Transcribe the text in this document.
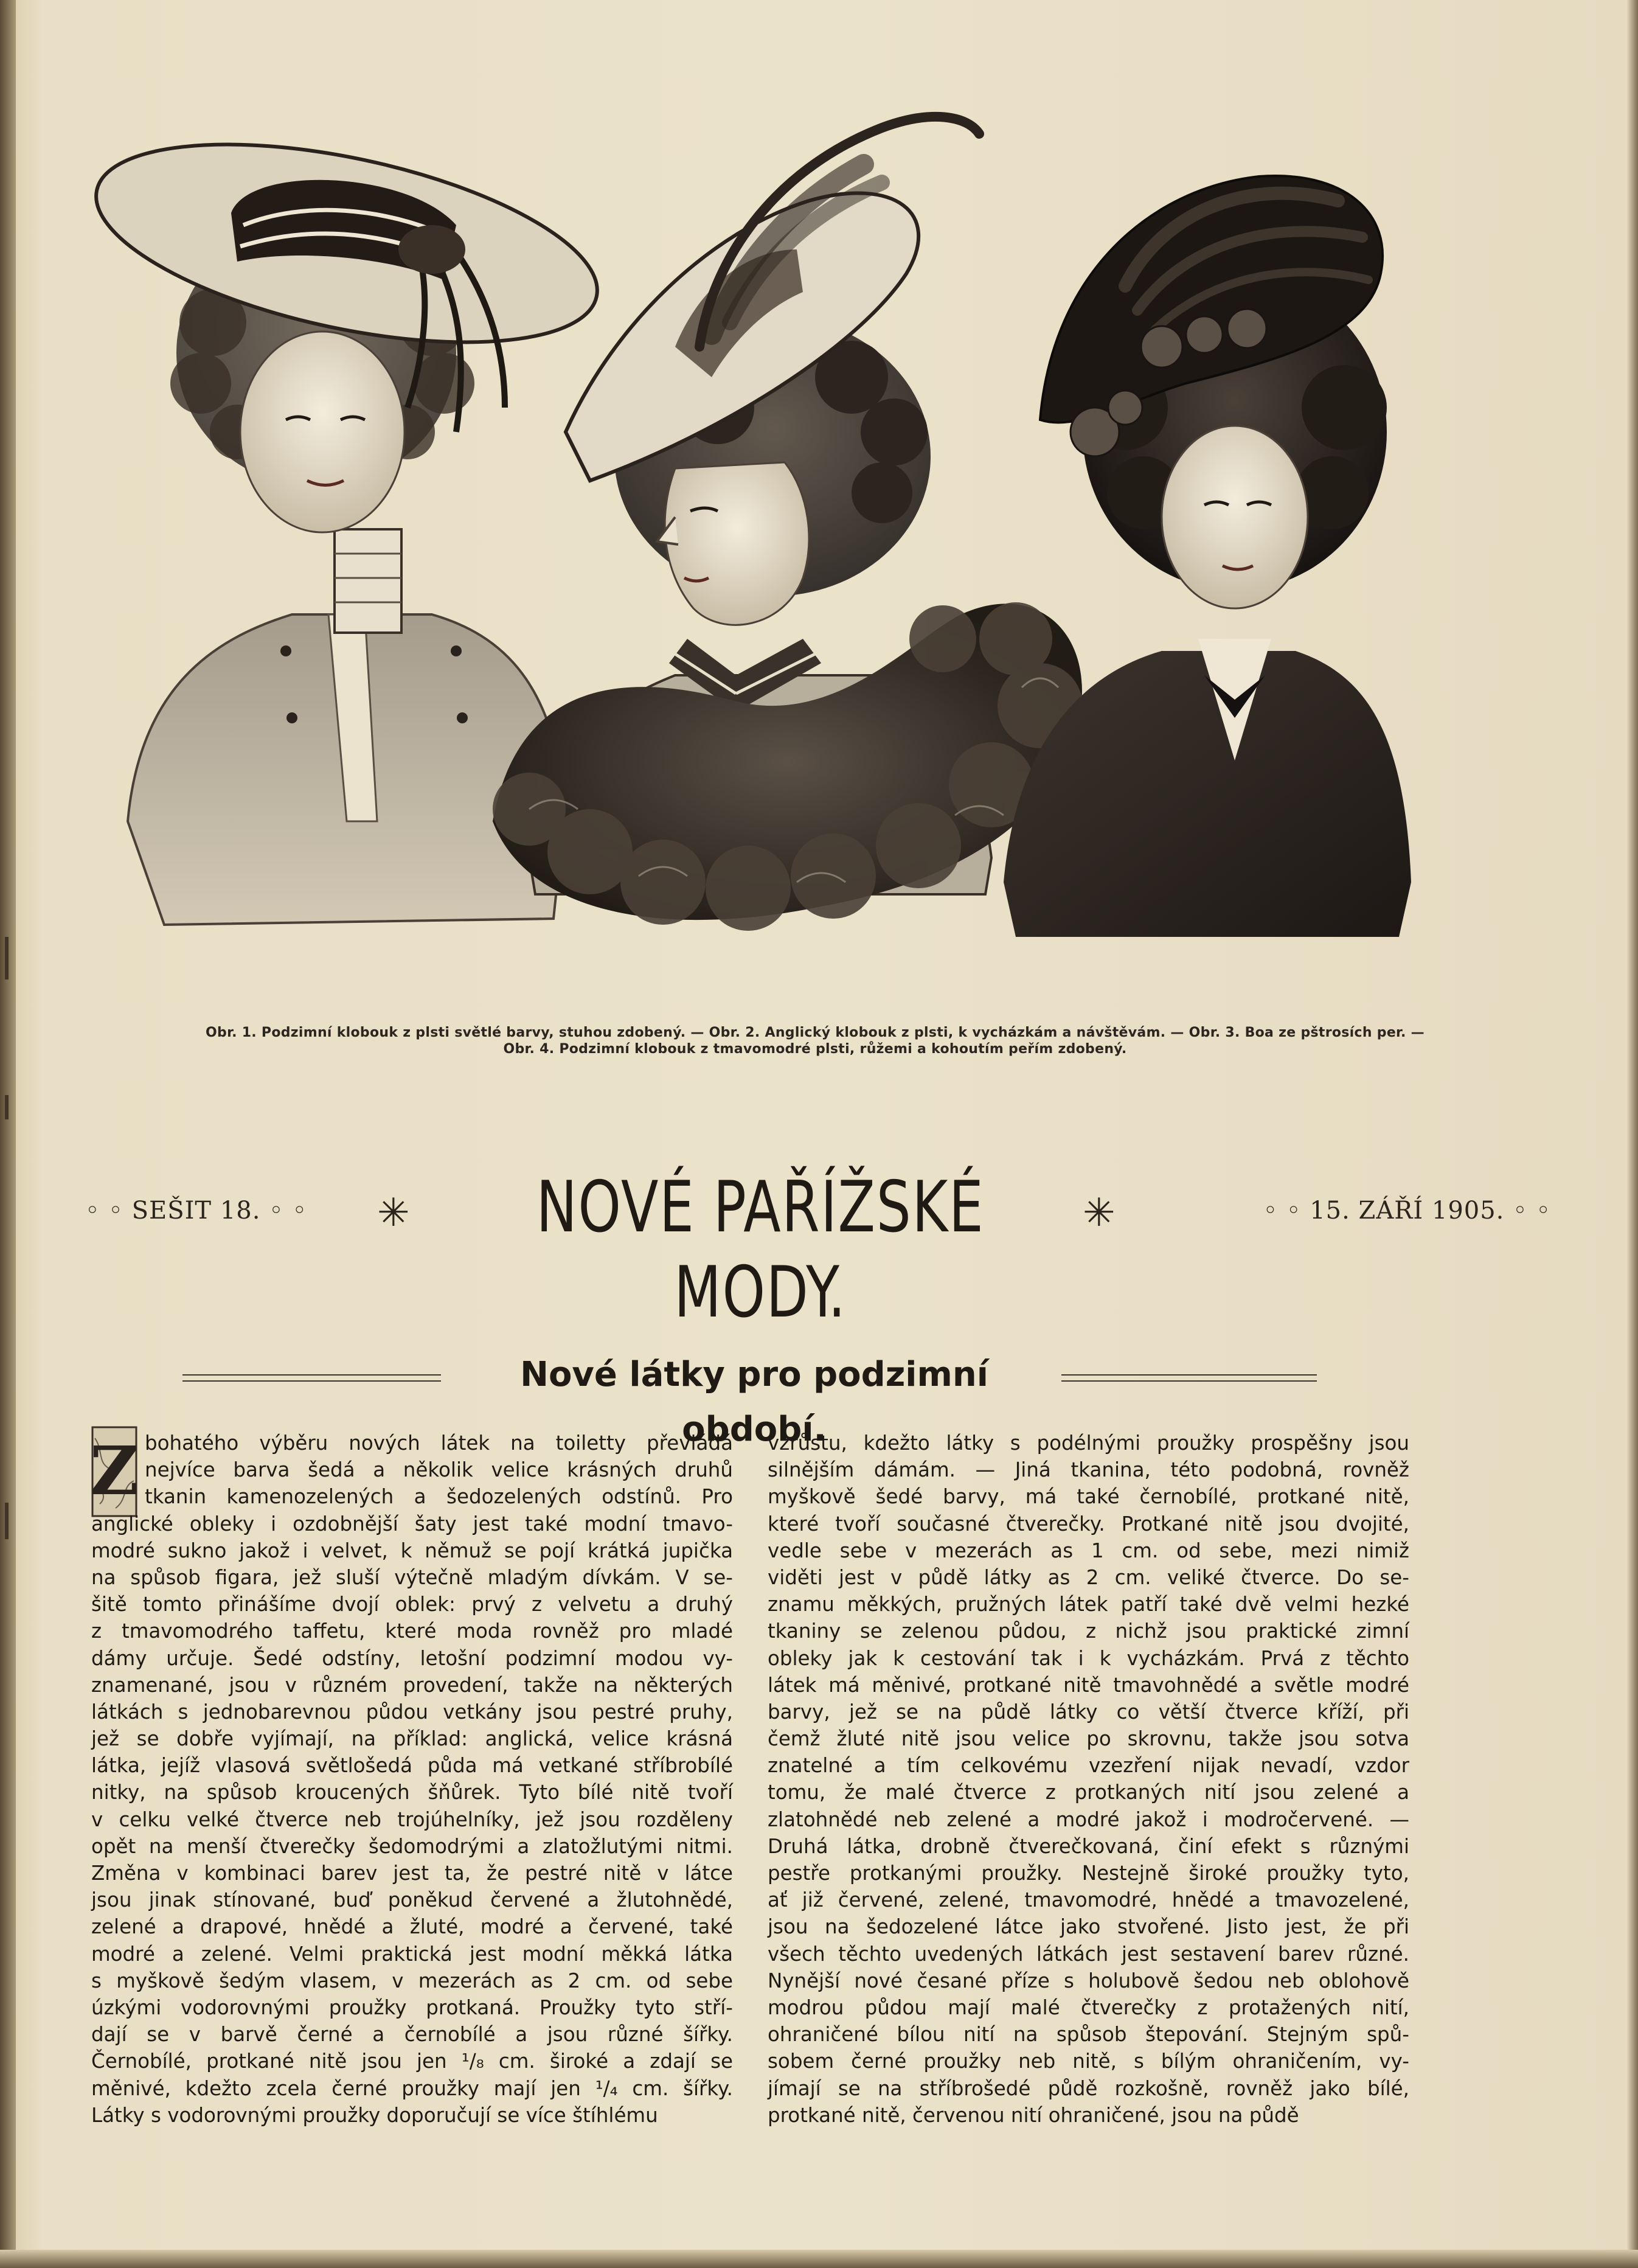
Obr. 1. Podzimní klobouk z plsti světlé barvy, stuhou zdobený. — Obr. 2. Anglický klobouk z plsti, k vycházkám a návštěvám. — Obr. 3. Boa ze pštrosích per. —
Obr. 4. Podzimní klobouk z tmavomodré plsti, růžemi a kohoutím peřím zdobený.
◦ ◦ SEŠIT 18. ◦ ◦ ✳	NOVÉ PAŘÍŽSKÉ MODY.
✳	◦ ◦ 15. ZÁŘÍ 1905. ◦ ◦
Nové látky pro podzimní období.
Z bohatého výběru nových látek na toiletty převládá
nejvíce barva šedá a několik velice krásných druhů
tkanin kamenozelených a šedozelených odstínů. Pro
anglické obleky i ozdobnější šaty jest také modní tmavo-
modré sukno jakož i velvet, k němuž se pojí krátká jupička
na spůsob figara, jež sluší výtečně mladým dívkám. V se-
šitě tomto přinášíme dvojí oblek: prvý z velvetu a druhý
z tmavomodrého taffetu, které moda rovněž pro mladé
dámy určuje. Šedé odstíny, letošní podzimní modou vy-
znamenané, jsou v různém provedení, takže na některých
látkách s jednobarevnou půdou vetkány jsou pestré pruhy,
jež se dobře vyjímají, na příklad: anglická, velice krásná
látka, jejíž vlasová světlošedá půda má vetkané stříbrobílé
nitky, na spůsob kroucených šňůrek. Tyto bílé nitě tvoří
v celku velké čtverce neb trojúhelníky, jež jsou rozděleny
opět na menší čtverečky šedomodrými a zlatožlutými nitmi.
Změna v kombinaci barev jest ta, že pestré nitě v látce
jsou jinak stínované, buď poněkud červené a žlutohnědé,
zelené a drapové, hnědé a žluté, modré a červené, také
modré a zelené. Velmi praktická jest modní měkká látka
s myškově šedým vlasem, v mezerách as 2 cm. od sebe
úzkými vodorovnými proužky protkaná. Proužky tyto stří-
dají se v barvě černé a černobílé a jsou různé šířky.
Černobílé, protkané nitě jsou jen ¹/₈ cm. široké a zdají se
měnivé, kdežto zcela černé proužky mají jen ¹/₄ cm. šířky.
Látky s vodorovnými proužky doporučují se více štíhlému
vzrůstu, kdežto látky s podélnými proužky prospěšny jsou
silnějším dámám. — Jiná tkanina, této podobná, rovněž
myškově šedé barvy, má také černobílé, protkané nitě,
které tvoří současné čtverečky. Protkané nitě jsou dvojité,
vedle sebe v mezerách as 1 cm. od sebe, mezi nimiž
viděti jest v půdě látky as 2 cm. veliké čtverce. Do se-
znamu měkkých, pružných látek patří také dvě velmi hezké
tkaniny se zelenou půdou, z nichž jsou praktické zimní
obleky jak k cestování tak i k vycházkám. Prvá z těchto
látek má měnivé, protkané nitě tmavohnědé a světle modré
barvy, jež se na půdě látky co větší čtverce kříží, při
čemž žluté nitě jsou velice po skrovnu, takže jsou sotva
znatelné a tím celkovému vzezření nijak nevadí, vzdor
tomu, že malé čtverce z protkaných nití jsou zelené a
zlatohnědé neb zelené a modré jakož i modročervené. —
Druhá látka, drobně čtverečkovaná, činí efekt s různými
pestře protkanými proužky. Nestejně široké proužky tyto,
ať již červené, zelené, tmavomodré, hnědé a tmavozelené,
jsou na šedozelené látce jako stvořené. Jisto jest, že při
všech těchto uvedených látkách jest sestavení barev různé.
Nynější nové česané příze s holubově šedou neb oblohově
modrou půdou mají malé čtverečky z protažených nití,
ohraničené bílou nití na spůsob štepování. Stejným spů-
sobem černé proužky neb nitě, s bílým ohraničením, vy-
jímají se na stříbrošedé půdě rozkošně, rovněž jako bílé,
protkané nitě, červenou nití ohraničené, jsou na půdě
